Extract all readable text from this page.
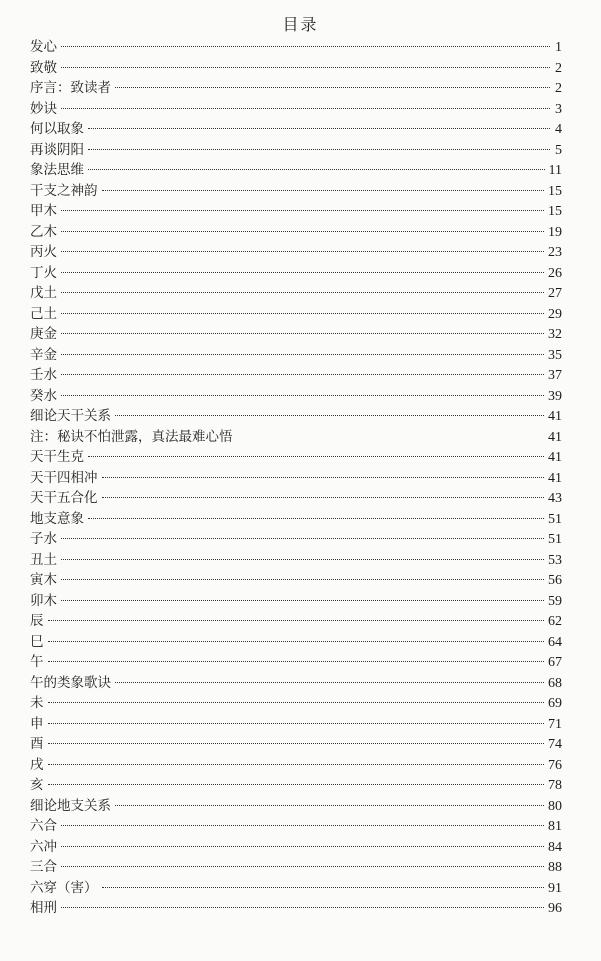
目录
发心	1
致敬	2
序言：致读者	2
妙诀	3
何以取象	4
再谈阴阳	5
象法思维	11
干支之神韵	15
甲木	15
乙木	19
丙火	23
丁火	26
戊土	27
己土	29
庚金	32
辛金	35
壬水	37
癸水	39
细论天干关系	41
注：秘诀不怕泄露，真法最难心悟	41
天干生克	41
天干四相冲	41
天干五合化	43
地支意象	51
子水	51
丑土	53
寅木	56
卯木	59
辰	62
巳	64
午	67
午的类象歌诀	68
未	69
申	71
酉	74
戌	76
亥	78
细论地支关系	80
六合	81
六冲	84
三合	88
六穿（害）	91
相刑	96
